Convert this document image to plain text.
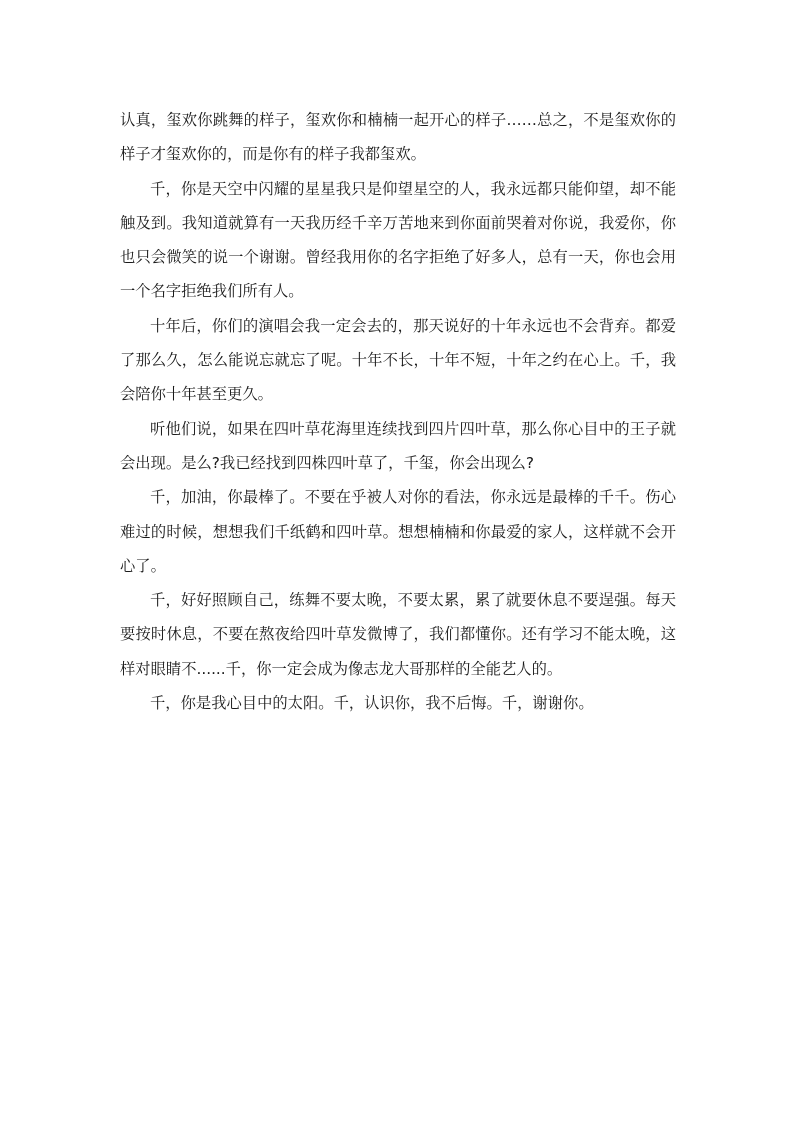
认真，玺欢你跳舞的样子，玺欢你和楠楠一起开心的样子……总之，不是玺欢你的样子才玺欢你的，而是你有的样子我都玺欢。

千，你是天空中闪耀的星星我只是仰望星空的人，我永远都只能仰望，却不能触及到。我知道就算有一天我历经千辛万苦地来到你面前哭着对你说，我爱你，你也只会微笑的说一个谢谢。曾经我用你的名字拒绝了好多人，总有一天，你也会用一个名字拒绝我们所有人。

十年后，你们的演唱会我一定会去的，那天说好的十年永远也不会背弃。都爱了那么久，怎么能说忘就忘了呢。十年不长，十年不短，十年之约在心上。千，我会陪你十年甚至更久。

听他们说，如果在四叶草花海里连续找到四片四叶草，那么你心目中的王子就会出现。是么?我已经找到四株四叶草了，千玺，你会出现么?

千，加油，你最棒了。不要在乎被人对你的看法，你永远是最棒的千千。伤心难过的时候，想想我们千纸鹤和四叶草。想想楠楠和你最爱的家人，这样就不会开心了。

千，好好照顾自己，练舞不要太晚，不要太累，累了就要休息不要逞强。每天要按时休息，不要在熬夜给四叶草发微博了，我们都懂你。还有学习不能太晚，这样对眼睛不......千，你一定会成为像志龙大哥那样的全能艺人的。

千，你是我心目中的太阳。千，认识你，我不后悔。千，谢谢你。
